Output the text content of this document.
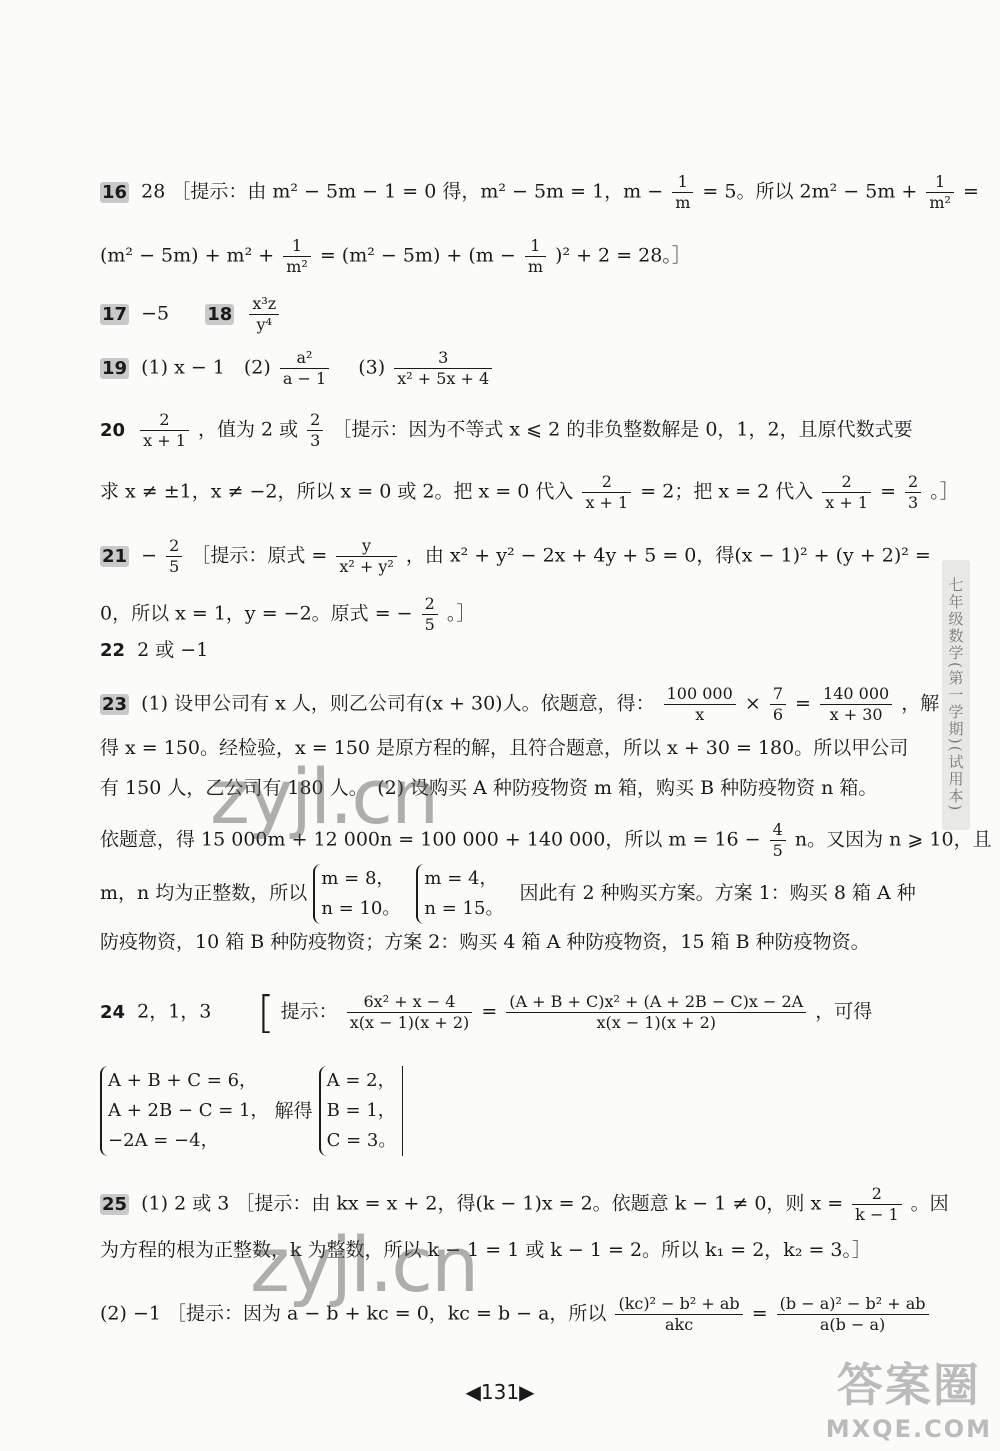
七年级数学(第一学期)(试用本)
16 28 ［提示：由 m² − 5m − 1 = 0 得，m² − 5m = 1，$m - \frac{1}{m} = 5$。所以 $2m^2 - 5m + \frac{1}{\text{m²}}$ =
$(m^2 - 5m) + m^2 + \frac{1}{\text{m²}} = (m^2 - 5m) + (m - \frac{1}{m} )^2 + 2 = 28$。］
17 −5 $18 \frac{\text{x³z}}{\text{y⁴}}$
19 (1) x − 1　$(2) \frac{\text{a²}}{a - 1} (3) \frac{3}{\text{x² + 5x + 4}}$
$20 \frac{2}{x + 1}$ ，值为 2 或 $\frac{2}{3}$ ［提示：因为不等式 x ⩽ 2 的非负整数解是 0，1，2，且原代数式要
求 x ≠ ±1，x ≠ −2，所以 x = 0 或 2。把 x = 0 代入 $\frac{2}{x + 1} = 2$；把 x = 2 代入 $\frac{2}{x + 1} = \frac{2}{3}$ 。］
$21 - \frac{2}{5}$ ［提示：原式 = $\frac{y}{\text{x² + y²}}$ ，由 x² + y² − 2x + 4y + 5 = 0，得(x − 1)² + (y + 2)² =
0，所以 x = 1，y = −2。原式 = − $\frac{2}{5}$ 。］
22 2 或 −1
23 (1) 设甲公司有 x 人，则乙公司有(x + 30)人。依题意，得： $\frac{100 000}{x} \times \frac{7}{6} = \frac{140 000}{x + 30}$ ，解
得 x = 150。经检验，x = 150 是原方程的解，且符合题意，所以 x + 30 = 180。所以甲公司
有 150 人，乙公司有 180 人。　(2) 设购买 A 种防疫物资 m 箱，购买 B 种防疫物资 n 箱。
依题意，得 15 000m + 12 000n = 100 000 + 140 000，所以 $m = 16 - \frac{4}{5}$ n。又因为 n ⩾ 10，且
m，n 均为正整数，所以 m = 8，
n = 10。 m = 4，
n = 15。 因此有 2 种购买方案。方案 1：购买 8 箱 A 种
防疫物资，10 箱 B 种防疫物资；方案 2：购买 4 箱 A 种防疫物资，15 箱 B 种防疫物资。
24 2，1，3 [ 提示： $\frac{\text{6x² + x − 4}}{x(x - 1)(x + 2)} = \frac{\text{(A + B + C)x² + (A + 2B − C)x − 2A}}{x(x - 1)(x + 2)}$ ，可得
A + B + C = 6，
A + 2B − C = 1，
−2A = −4， 解得 A = 2，
B = 1，
C = 3。
25 (1) 2 或 3 ［提示：由 kx = x + 2，得(k − 1)x = 2。依题意 k − 1 ≠ 0，则 $x = \frac{2}{k - 1}$ 。因
为方程的根为正整数，k 为整数，所以 k − 1 = 1 或 k − 1 = 2。所以 k₁ = 2，k₂ = 3。］
(2) −1 ［提示：因为 a − b + kc = 0，kc = b − a，所以 $\frac{\text{(kc)² − b² + ab}}{\text{akc}} = \frac{\text{(b − a)² − b² + ab}}{a(b - a)}$
zyjl.cn
zyjl.cn
◀131▶	答案圈
MXQE.COM
